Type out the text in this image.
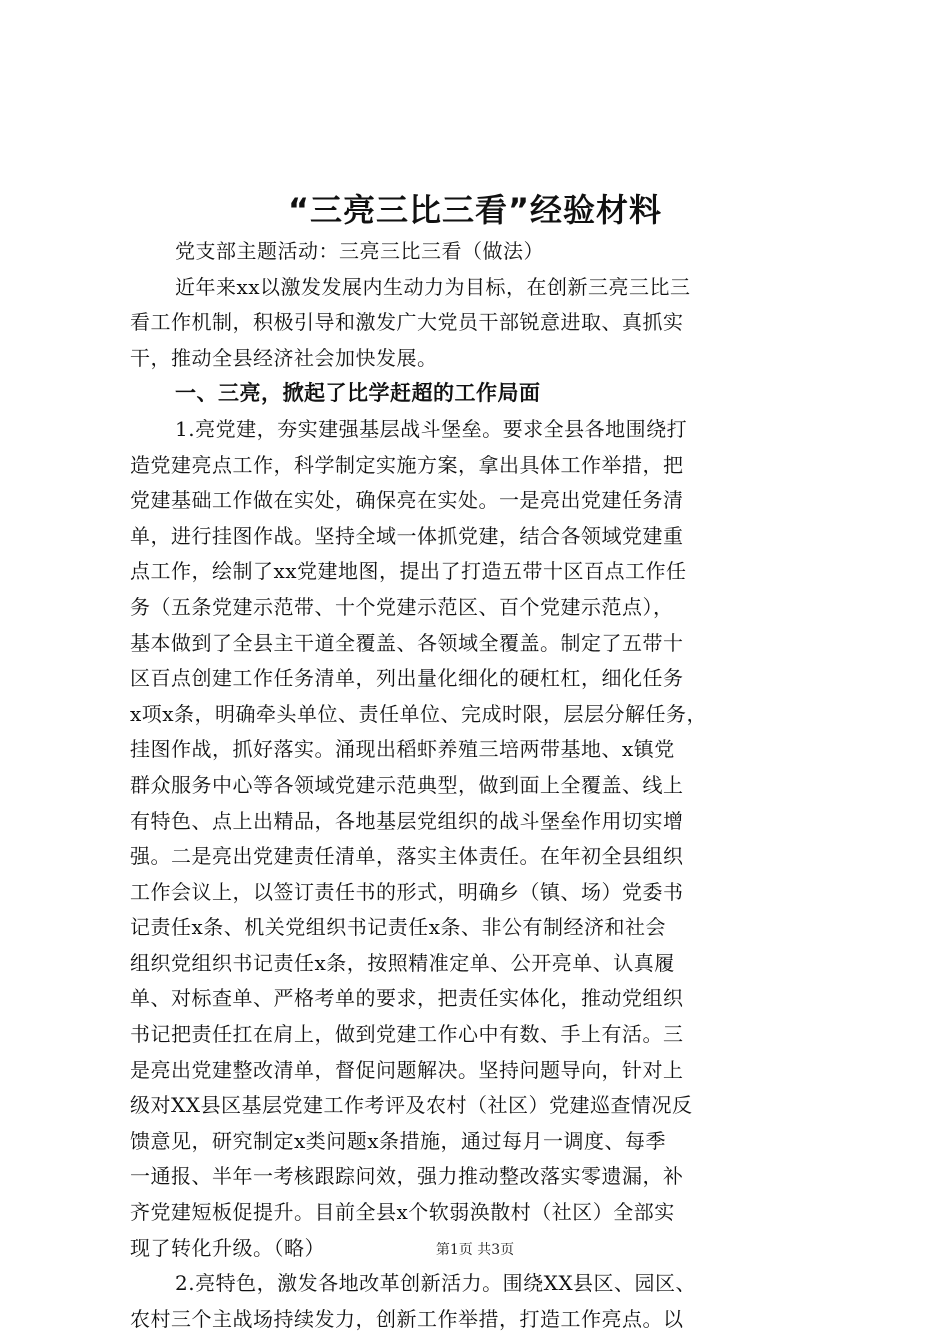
“三亮三比三看”经验材料
党支部主题活动：三亮三比三看（做法）
近年来xx以激发发展内生动力为目标，在创新三亮三比三
看工作机制，积极引导和激发广大党员干部锐意进取、真抓实
干，推动全县经济社会加快发展。
一、三亮，掀起了比学赶超的工作局面
1.亮党建，夯实建强基层战斗堡垒。要求全县各地围绕打
造党建亮点工作，科学制定实施方案，拿出具体工作举措，把
党建基础工作做在实处，确保亮在实处。一是亮出党建任务清
单，进行挂图作战。坚持全域一体抓党建，结合各领域党建重
点工作，绘制了xx党建地图，提出了打造五带十区百点工作任
务（五条党建示范带、十个党建示范区、百个党建示范点），
基本做到了全县主干道全覆盖、各领域全覆盖。制定了五带十
区百点创建工作任务清单，列出量化细化的硬杠杠，细化任务
x项x条，明确牵头单位、责任单位、完成时限，层层分解任务，
挂图作战，抓好落实。涌现出稻虾养殖三培两带基地、x镇党
群众服务中心等各领域党建示范典型，做到面上全覆盖、线上
有特色、点上出精品，各地基层党组织的战斗堡垒作用切实增
强。二是亮出党建责任清单，落实主体责任。在年初全县组织
工作会议上，以签订责任书的形式，明确乡（镇、场）党委书
记责任x条、机关党组织书记责任x条、非公有制经济和社会
组织党组织书记责任x条，按照精准定单、公开亮单、认真履
单、对标查单、严格考单的要求，把责任实体化，推动党组织
书记把责任扛在肩上，做到党建工作心中有数、手上有活。三
是亮出党建整改清单，督促问题解决。坚持问题导向，针对上
级对XX县区基层党建工作考评及农村（社区）党建巡查情况反
馈意见，研究制定x类问题x条措施，通过每月一调度、每季
一通报、半年一考核跟踪问效，强力推动整改落实零遗漏，补
齐党建短板促提升。目前全县x个软弱涣散村（社区）全部实
现了转化升级。（略）
2.亮特色，激发各地改革创新活力。围绕XX县区、园区、
农村三个主战场持续发力，创新工作举措，打造工作亮点。以
第1页 共3页
